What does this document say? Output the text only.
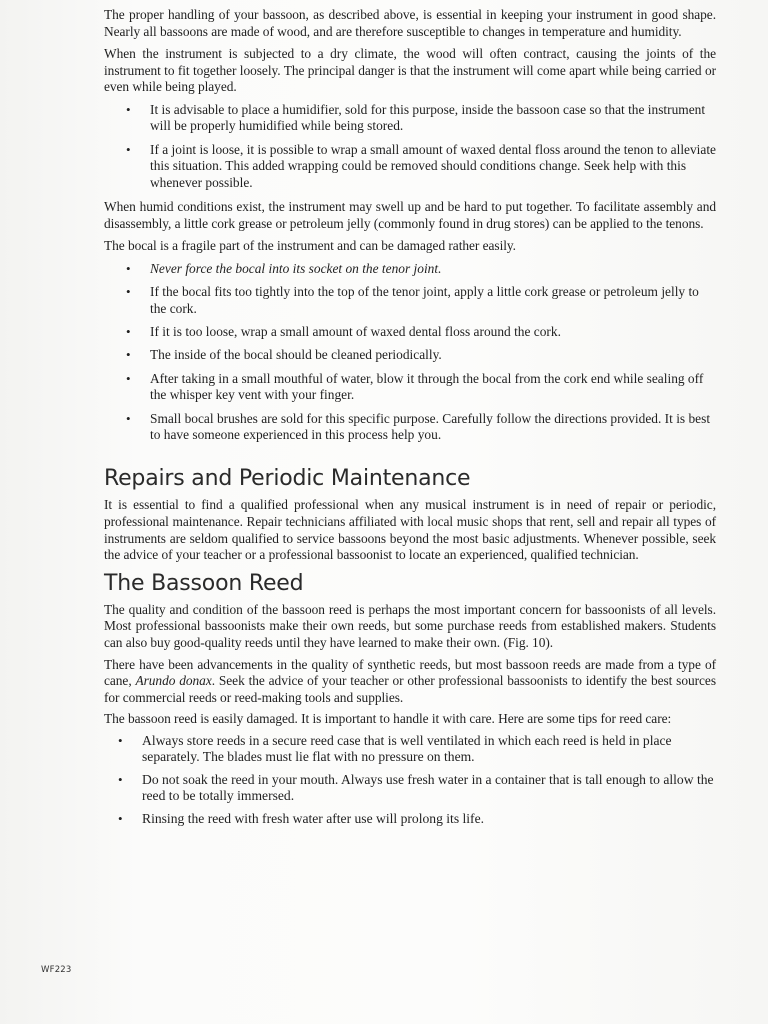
The proper handling of your bassoon, as described above, is essential in keeping your instrument in good shape. Nearly all bassoons are made of wood, and are therefore susceptible to changes in temperature and humidity.

When the instrument is subjected to a dry climate, the wood will often contract, causing the joints of the instrument to fit together loosely. The principal danger is that the instrument will come apart while being carried or even while being played.

• It is advisable to place a humidifier, sold for this purpose, inside the bassoon case so that the instrument will be properly humidified while being stored.
• If a joint is loose, it is possible to wrap a small amount of waxed dental floss around the tenon to alleviate this situation. This added wrapping could be removed should conditions change. Seek help with this whenever possible.

When humid conditions exist, the instrument may swell up and be hard to put together. To facilitate assembly and disassembly, a little cork grease or petroleum jelly (commonly found in drug stores) can be applied to the tenons.

The bocal is a fragile part of the instrument and can be damaged rather easily.

• Never force the bocal into its socket on the tenor joint.
• If the bocal fits too tightly into the top of the tenor joint, apply a little cork grease or petroleum jelly to the cork.
• If it is too loose, wrap a small amount of waxed dental floss around the cork.
• The inside of the bocal should be cleaned periodically.
• After taking in a small mouthful of water, blow it through the bocal from the cork end while sealing off the whisper key vent with your finger.
• Small bocal brushes are sold for this specific purpose. Carefully follow the directions provided. It is best to have someone experienced in this process help you.
Repairs and Periodic Maintenance

It is essential to find a qualified professional when any musical instrument is in need of repair or periodic, professional maintenance. Repair technicians affiliated with local music shops that rent, sell and repair all types of instruments are seldom qualified to service bassoons beyond the most basic adjustments. Whenever possible, seek the advice of your teacher or a professional bassoonist to locate an experienced, qualified technician.

The Bassoon Reed

The quality and condition of the bassoon reed is perhaps the most important concern for bassoonists of all levels. Most professional bassoonists make their own reeds, but some purchase reeds from established makers. Students can also buy good-quality reeds until they have learned to make their own. (Fig. 10).

There have been advancements in the quality of synthetic reeds, but most bassoon reeds are made from a type of cane, Arundo donax. Seek the advice of your teacher or other professional bassoonists to identify the best sources for commercial reeds or reed-making tools and supplies.

The bassoon reed is easily damaged. It is important to handle it with care. Here are some tips for reed care:

• Always store reeds in a secure reed case that is well ventilated in which each reed is held in place separately. The blades must lie flat with no pressure on them.
• Do not soak the reed in your mouth. Always use fresh water in a container that is tall enough to allow the reed to be totally immersed.
• Rinsing the reed with fresh water after use will prolong its life.
WF223
